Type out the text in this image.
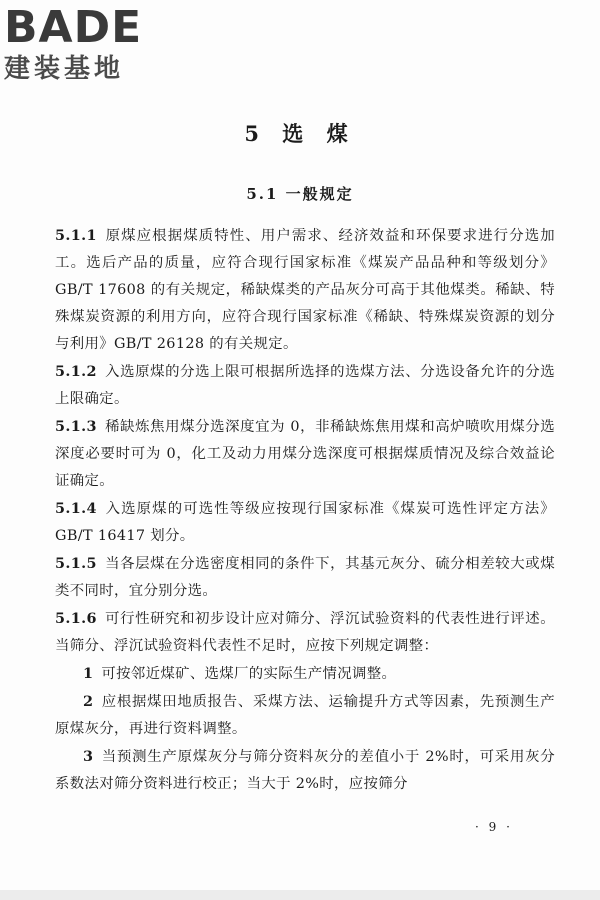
BADE
建装基地
5 选 煤
5.1 一般规定

5.1.1 原煤应根据煤质特性、用户需求、经济效益和环保要求进行分选加工。选后产品的质量，应符合现行国家标准《煤炭产品品种和等级划分》GB/T 17608 的有关规定，稀缺煤类的产品灰分可高于其他煤类。稀缺、特殊煤炭资源的利用方向，应符合现行国家标准《稀缺、特殊煤炭资源的划分与利用》GB/T 26128 的有关规定。

5.1.2 入选原煤的分选上限可根据所选择的选煤方法、分选设备允许的分选上限确定。

5.1.3 稀缺炼焦用煤分选深度宜为 0，非稀缺炼焦用煤和高炉喷吹用煤分选深度必要时可为 0，化工及动力用煤分选深度可根据煤质情况及综合效益论证确定。

5.1.4 入选原煤的可选性等级应按现行国家标准《煤炭可选性评定方法》GB/T 16417 划分。

5.1.5 当各层煤在分选密度相同的条件下，其基元灰分、硫分相差较大或煤类不同时，宜分别分选。

5.1.6 可行性研究和初步设计应对筛分、浮沉试验资料的代表性进行评述。当筛分、浮沉试验资料代表性不足时，应按下列规定调整：

1 可按邻近煤矿、选煤厂的实际生产情况调整。

2 应根据煤田地质报告、采煤方法、运输提升方式等因素，先预测生产原煤灰分，再进行资料调整。

3 当预测生产原煤灰分与筛分资料灰分的差值小于 2%时，可采用灰分系数法对筛分资料进行校正；当大于 2%时，应按筛分

· 9 ·
